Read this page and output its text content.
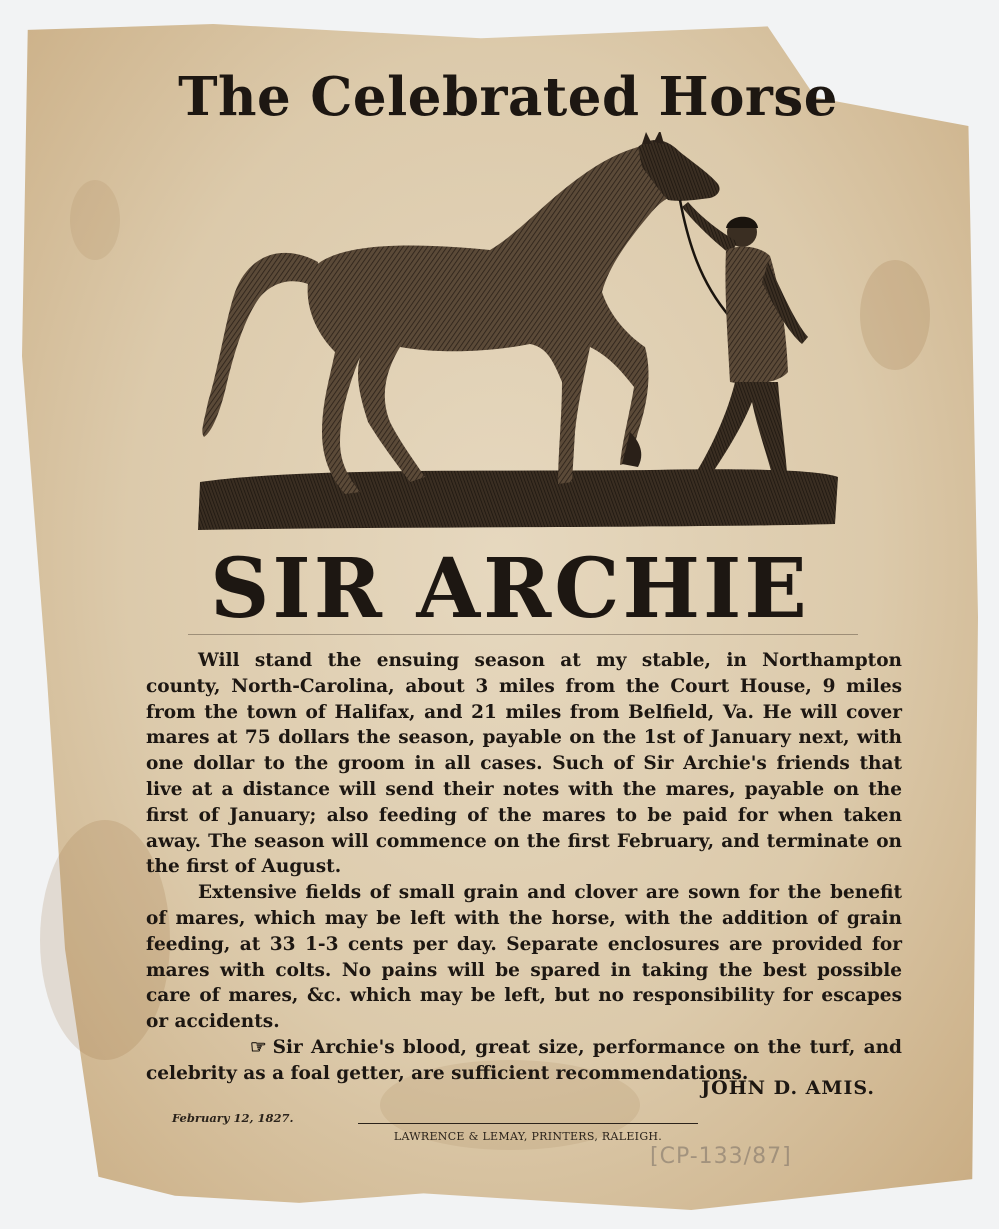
The Celebrated Horse
SIR ARCHIE

Will stand the ensuing season at my stable, in Northampton county, North-Carolina, about 3 miles from the Court House, 9 miles from the town of Halifax, and 21 miles from Belfield, Va. He will cover mares at 75 dollars the season, payable on the 1st of January next, with one dollar to the groom in all cases. Such of Sir Archie's friends that live at a distance will send their notes with the mares, payable on the first of January; also feeding of the mares to be paid for when taken away. The season will commence on the first February, and terminate on the first of August.

Extensive fields of small grain and clover are sown for the benefit of mares, which may be left with the horse, with the addition of grain feeding, at 33 1-3 cents per day. Separate enclosures are provided for mares with colts. No pains will be spared in taking the best possible care of mares, &c. which may be left, but no responsibility for escapes or accidents.

☞ Sir Archie's blood, great size, performance on the turf, and celebrity as a foal getter, are sufficient recommendations.

JOHN D. AMIS.
February 12, 1827.
LAWRENCE & LEMAY, PRINTERS, RALEIGH.
[CP-133/87]
